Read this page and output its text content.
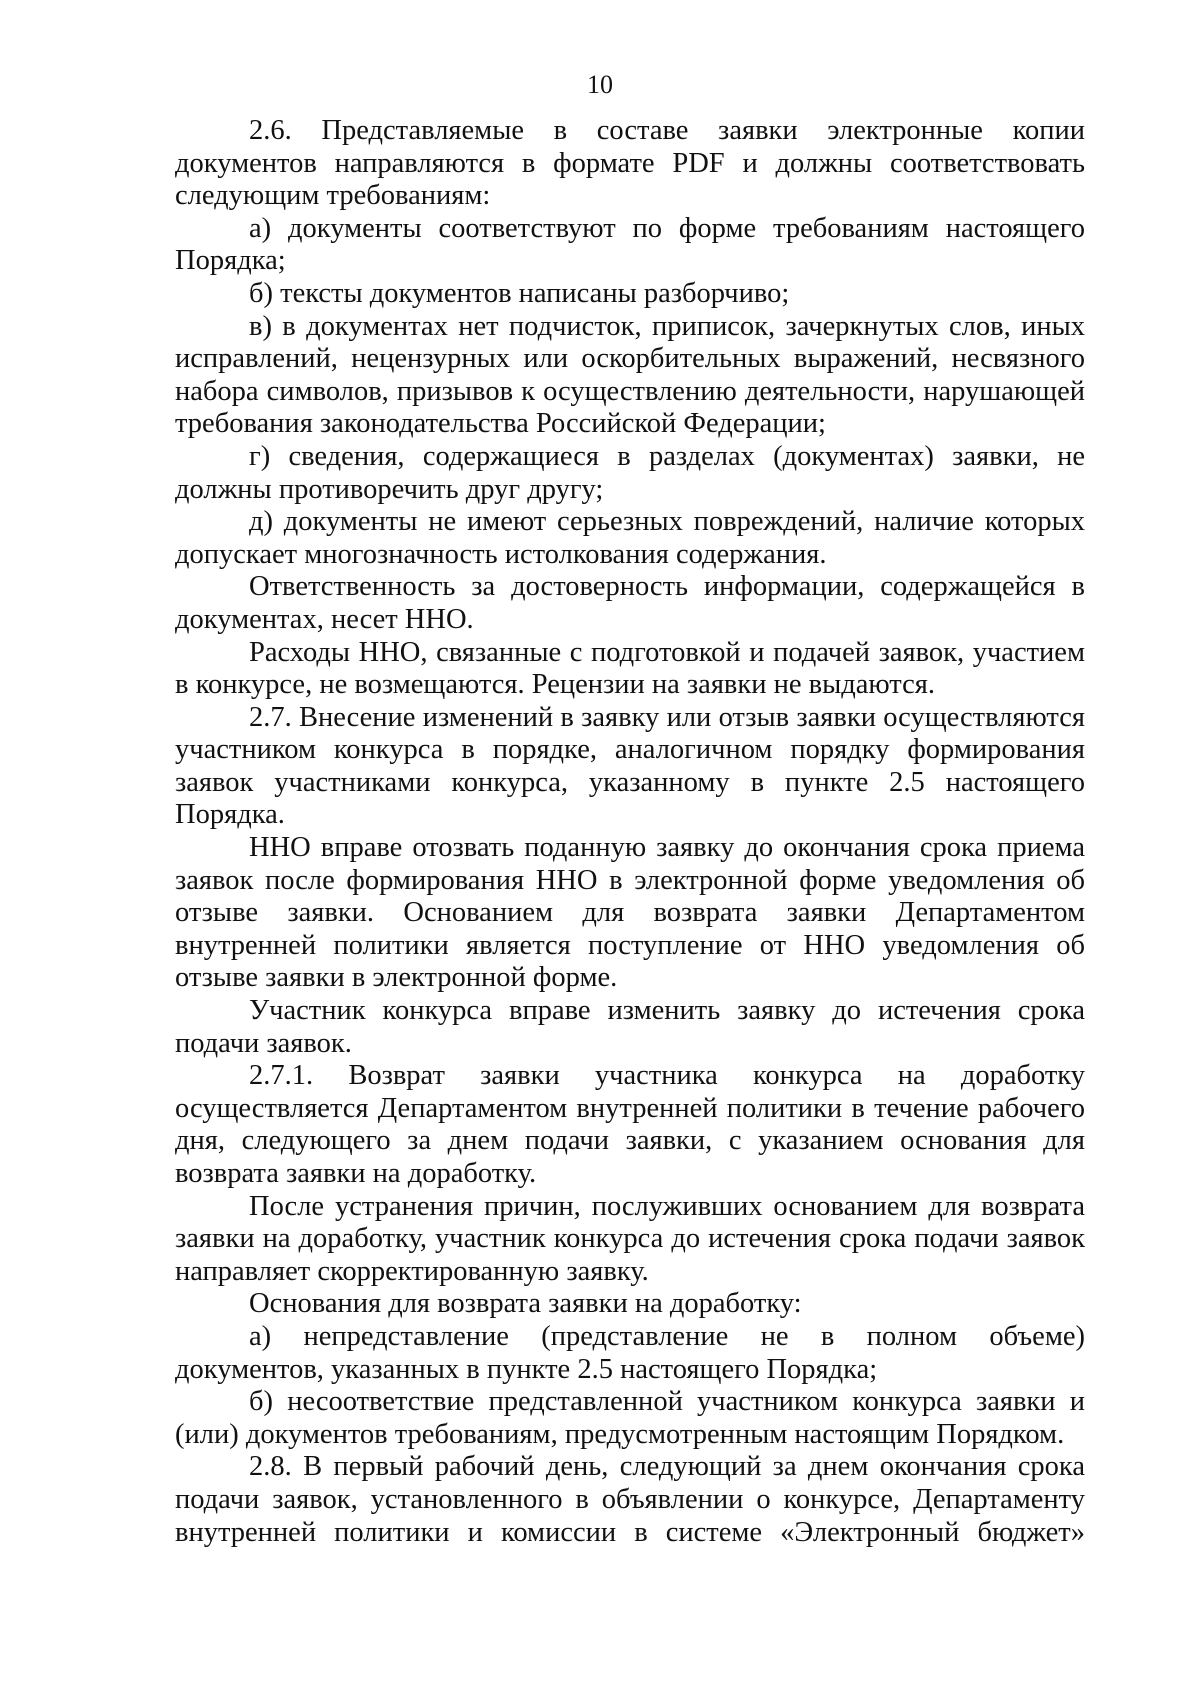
10

2.6. Представляемые в составе заявки электронные копии документов направляются в формате PDF и должны соответствовать следующим требованиям:

а) документы соответствуют по форме требованиям настоящего Порядка;

б) тексты документов написаны разборчиво;

в) в документах нет подчисток, приписок, зачеркнутых слов, иных исправлений, нецензурных или оскорбительных выражений, несвязного набора символов, призывов к осуществлению деятельности, нарушающей требования законодательства Российской Федерации;

г) сведения, содержащиеся в разделах (документах) заявки, не должны противоречить друг другу;

д) документы не имеют серьезных повреждений, наличие которых допускает многозначность истолкования содержания.

Ответственность за достоверность информации, содержащейся в документах, несет ННО.

Расходы ННО, связанные с подготовкой и подачей заявок, участием в конкурсе, не возмещаются. Рецензии на заявки не выдаются.

2.7. Внесение изменений в заявку или отзыв заявки осуществляются участником конкурса в порядке, аналогичном порядку формирования заявок участниками конкурса, указанному в пункте 2.5 настоящего Порядка.

ННО вправе отозвать поданную заявку до окончания срока приема заявок после формирования ННО в электронной форме уведомления об отзыве заявки. Основанием для возврата заявки Департаментом внутренней политики является поступление от ННО уведомления об отзыве заявки в электронной форме.

Участник конкурса вправе изменить заявку до истечения срока подачи заявок.

2.7.1. Возврат заявки участника конкурса на доработку осуществляется Департаментом внутренней политики в течение рабочего дня, следующего за днем подачи заявки, с указанием основания для возврата заявки на доработку.

После устранения причин, послуживших основанием для возврата заявки на доработку, участник конкурса до истечения срока подачи заявок направляет скорректированную заявку.

Основания для возврата заявки на доработку:

а) непредставление (представление не в полном объеме) документов, указанных в пункте 2.5 настоящего Порядка;

б) несоответствие представленной участником конкурса заявки и (или) документов требованиям, предусмотренным настоящим Порядком.

2.8. В первый рабочий день, следующий за днем окончания срока подачи заявок, установленного в объявлении о конкурсе, Департаменту внутренней политики и комиссии в системе «Электронный бюджет»
